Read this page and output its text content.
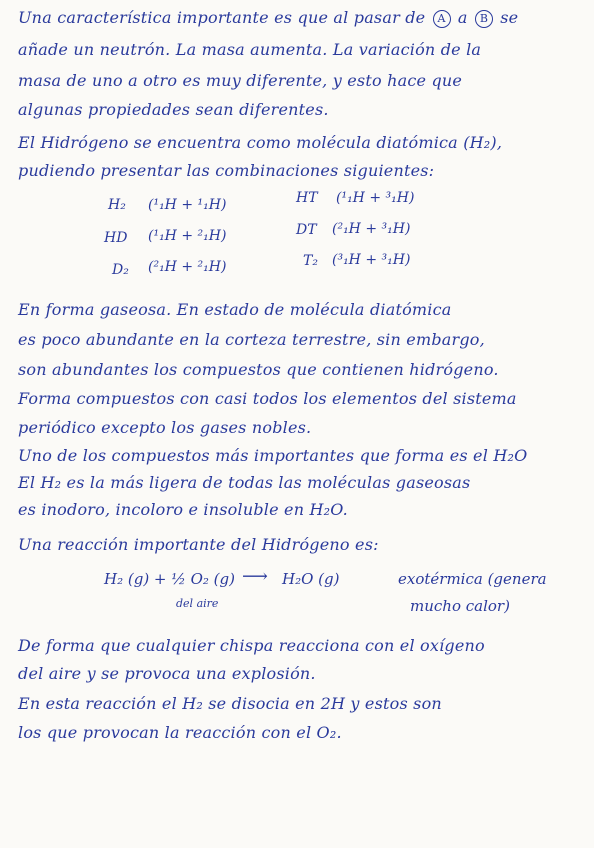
Una característica importante es que al pasar de A a B se
añade un neutrón. La masa aumenta. La variación de la
masa de uno a otro es muy diferente, y esto hace que
algunas propiedades sean diferentes.
El Hidrógeno se encuentra como molécula diatómica (H₂),
pudiendo presentar las combinaciones siguientes:
H₂ (¹₁H + ¹₁H)	HT (¹₁H + ³₁H)
HD (¹₁H + ²₁H)	DT (²₁H + ³₁H)
D₂ (²₁H + ²₁H)	T₂ (³₁H + ³₁H)
En forma gaseosa. En estado de molécula diatómica
es poco abundante en la corteza terrestre, sin embargo,
son abundantes los compuestos que contienen hidrógeno.
Forma compuestos con casi todos los elementos del sistema
periódico excepto los gases nobles.
Uno de los compuestos más importantes que forma es el H₂O
El H₂ es la más ligera de todas las moléculas gaseosas
es inodoro, incoloro e insoluble en H₂O.
Una reacción importante del Hidrógeno es:
H₂ (g) + ½ O₂ (g) ⟶ H₂O (g)	exotérmica (genera
mucho calor)
del aire
De forma que cualquier chispa reacciona con el oxígeno
del aire y se provoca una explosión.
En esta reacción el H₂ se disocia en 2H y estos son
los que provocan la reacción con el O₂.
